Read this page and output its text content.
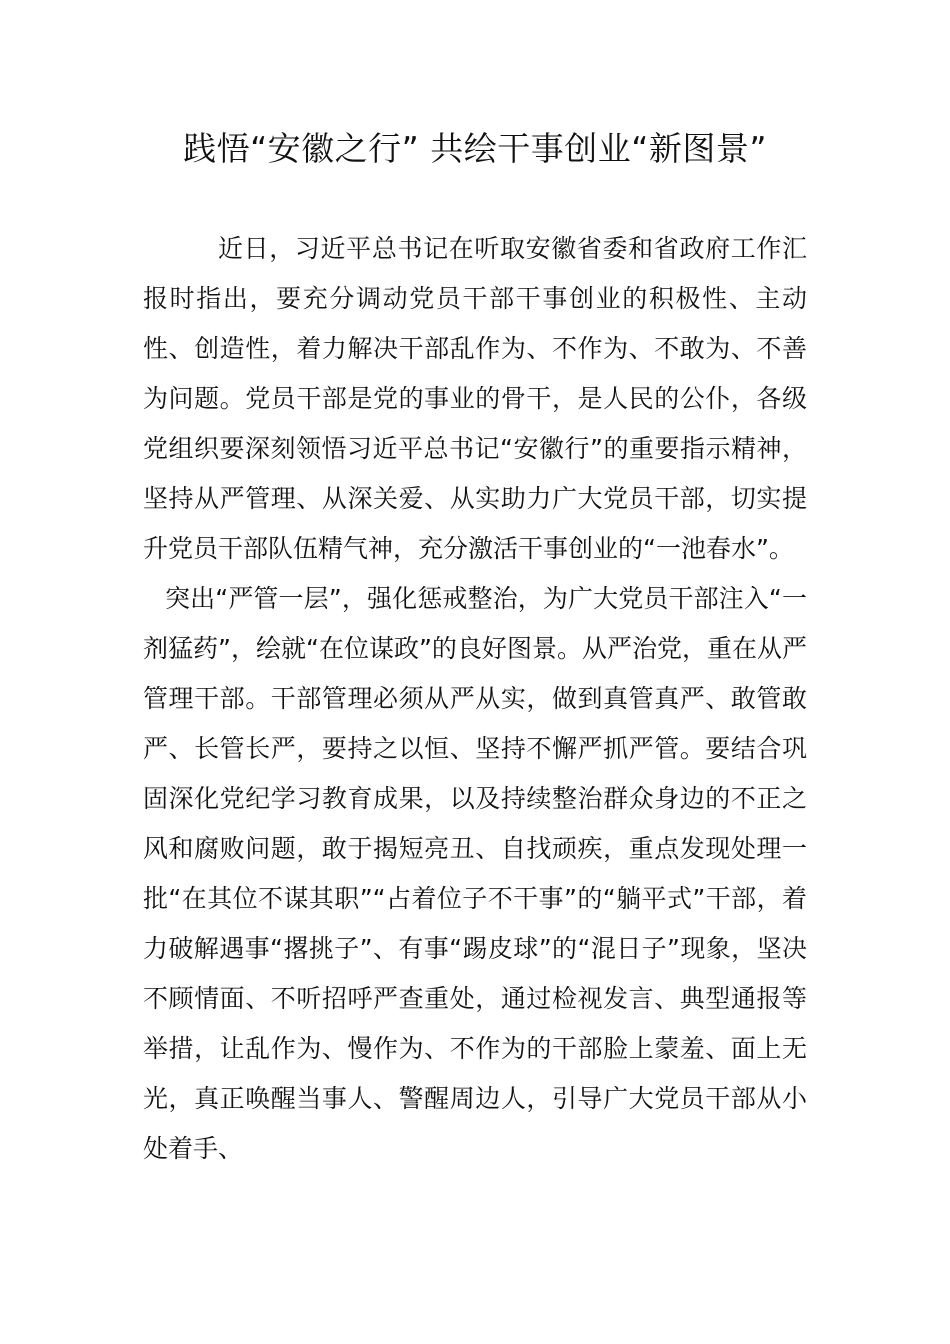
践悟“安徽之行” 共绘干事创业“新图景”

近日，习近平总书记在听取安徽省委和省政府工作汇报时指出，要充分调动党员干部干事创业的积极性、主动性、创造性，着力解决干部乱作为、不作为、不敢为、不善为问题。党员干部是党的事业的骨干，是人民的公仆，各级党组织要深刻领悟习近平总书记“安徽行”的重要指示精神，坚持从严管理、从深关爱、从实助力广大党员干部，切实提升党员干部队伍精气神，充分激活干事创业的“一池春水”。

突出“严管一层”，强化惩戒整治，为广大党员干部注入“一剂猛药”，绘就“在位谋政”的良好图景。从严治党，重在从严管理干部。干部管理必须从严从实，做到真管真严、敢管敢严、长管长严，要持之以恒、坚持不懈严抓严管。要结合巩固深化党纪学习教育成果，以及持续整治群众身边的不正之风和腐败问题，敢于揭短亮丑、自找顽疾，重点发现处理一批“在其位不谋其职”“占着位子不干事”的“躺平式”干部，着力破解遇事“撂挑子”、有事“踢皮球”的“混日子”现象，坚决不顾情面、不听招呼严查重处，通过检视发言、典型通报等举措，让乱作为、慢作为、不作为的干部脸上蒙羞、面上无光，真正唤醒当事人、警醒周边人，引导广大党员干部从小处着手、
